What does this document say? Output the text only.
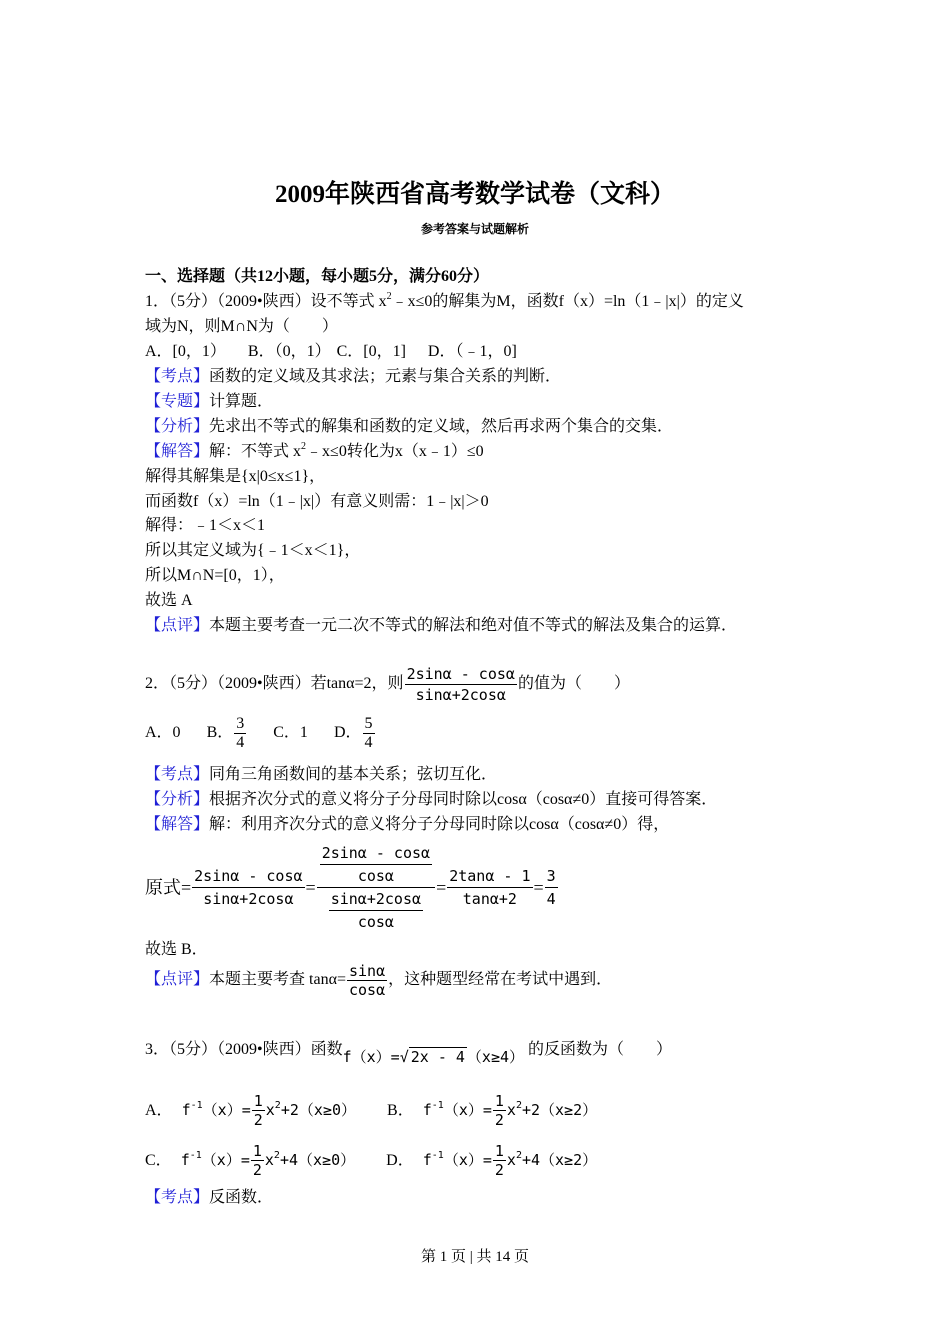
2009年陕西省高考数学试卷（文科）
参考答案与试题解析
一、选择题（共12小题，每小题5分，满分60分）
1．（5分）（2009•陕西）设不等式 $x^2﹣x\le 0$的解集为M，函数f（x）=ln（1﹣|x|）的定义
域为N，则M∩N为（　　）
A．[0，1） B．（0，1） C．[0，1] D．（﹣1，0]
【考点】函数的定义域及其求法；元素与集合关系的判断．
【专题】计算题．
【分析】先求出不等式的解集和函数的定义域，然后再求两个集合的交集．
【解答】解：不等式 $x^2﹣x\le 0$转化为x（x﹣1）≤0
解得其解集是{x|0≤x≤1}，
而函数f（x）=ln（1﹣|x|）有意义则需：1﹣|x|＞0
解得：﹣1＜x＜1
所以其定义域为{﹣1＜x＜1}，
所以M∩N=[0，1），
故选 A
【点评】本题主要考查一元二次不等式的解法和绝对值不等式的解法及集合的运算．
2．（5分）（2009•陕西）若tanα=2，则 $\frac{2\sin\alpha - \cos\alpha}{\sin\alpha+2\cos\alpha}$ 的值为（　　）
A．0 B． $\frac{3}{4}$ C．1 D． $\frac{5}{4}$
【考点】同角三角函数间的基本关系；弦切互化．
【分析】根据齐次分式的意义将分子分母同时除以cosα（cosα≠0）直接可得答案．
【解答】解：利用齐次分式的意义将分子分母同时除以cosα（cosα≠0）得，
原式= $\frac{2\sin\alpha - \cos\alpha}{\sin\alpha+2\cos\alpha} = \frac{\frac{2\sin\alpha - \cos\alpha}{\cos\alpha}}{\frac{\sin\alpha+2\cos\alpha}{\cos\alpha}} = \frac{2\tan\alpha - 1}{\tan\alpha+2} = \frac{3}{4}$
故选 B．
【点评】本题主要考查 $\tan\alpha= \frac{\sin\alpha}{\cos\alpha}$ ，这种题型经常在考试中遇到．
3．（5分）（2009•陕西）函数f（x）=√ 2x - 4 （x≥4） 的反函数为（　　）
A． $f^{-1}(x)= \frac{1}{2} x^2+2(x\ge 0)$ B． $f^{-1}(x)= \frac{1}{2} x^2+2(x\ge 2)$
C． $f^{-1}(x)= \frac{1}{2} x^2+4(x\ge 0)$ D． $f^{-1}(x)= \frac{1}{2} x^2+4(x\ge 2)$
【考点】反函数．
第 1 页 | 共 14 页
